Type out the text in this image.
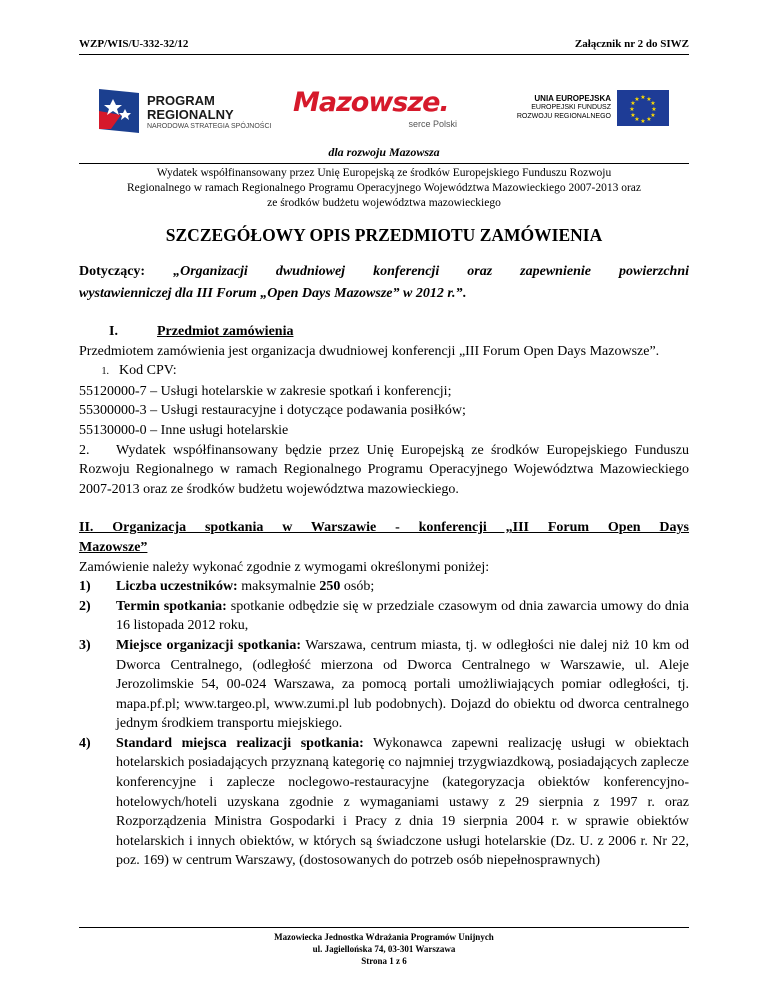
WZP/WIS/U-332-32/12	Załącznik nr 2 do SIWZ
PROGRAM
REGIONALNY
NARODOWA STRATEGIA SPÓJNOŚCI
Mazowsze.
serce Polski
UNIA EUROPEJSKA
EUROPEJSKI FUNDUSZ
ROZWOJU REGIONALNEGO
★ ★
★
★
★
★
★
★
★
★
★
★
dla rozwoju Mazowsza
Wydatek współfinansowany przez Unię Europejską ze środków Europejskiego Funduszu Rozwoju
Regionalnego w ramach Regionalnego Programu Operacyjnego Województwa Mazowieckiego 2007-2013 oraz
ze środków budżetu województwa mazowieckiego
SZCZEGÓŁOWY OPIS PRZEDMIOTU ZAMÓWIENIA
Dotyczący: „Organizacji dwudniowej konferencji oraz zapewnienie powierzchni
wystawienniczej dla III Forum „Open Days Mazowsze” w 2012 r.”.

I.	Przedmiot zamówienia

Przedmiotem zamówienia jest organizacja dwudniowej konferencji „III Forum Open Days Mazowsze”.

1. Kod CPV:

55120000-7 – Usługi hotelarskie w zakresie spotkań i konferencji;

55300000-3 – Usługi restauracyjne i dotyczące podawania posiłków;

55130000-0 – Inne usługi hotelarskie

2. Wydatek współfinansowany będzie przez Unię Europejską ze środków Europejskiego Funduszu Rozwoju Regionalnego w ramach Regionalnego Programu Operacyjnego Województwa Mazowieckiego 2007-2013 oraz ze środków budżetu województwa mazowieckiego.

II. Organizacja spotkania w Warszawie - konferencji „III Forum Open Days
Mazowsze”

Zamówienie należy wykonać zgodnie z wymogami określonymi poniżej:

1) Liczba uczestników: maksymalnie 250 osób;

2) Termin spotkania: spotkanie odbędzie się w przedziale czasowym od dnia zawarcia umowy do dnia 16 listopada 2012 roku,

3) Miejsce organizacji spotkania: Warszawa, centrum miasta, tj. w odległości nie dalej niż 10 km od Dworca Centralnego, (odległość mierzona od Dworca Centralnego w Warszawie, ul. Aleje Jerozolimskie 54, 00-024 Warszawa, za pomocą portali umożliwiających pomiar odległości, tj. mapa.pf.pl; www.targeo.pl, www.zumi.pl lub podobnych). Dojazd do obiektu od dworca centralnego jednym środkiem transportu miejskiego.

4) Standard miejsca realizacji spotkania: Wykonawca zapewni realizację usługi w obiektach hotelarskich posiadających przyznaną kategorię co najmniej trzygwiazdkową, posiadających zaplecze konferencyjne i zaplecze noclegowo-restauracyjne (kategoryzacja obiektów konferencyjno-hotelowych/hoteli uzyskana zgodnie z wymaganiami ustawy z 29 sierpnia z 1997 r. oraz Rozporządzenia Ministra Gospodarki i Pracy z dnia 19 sierpnia 2004 r. w sprawie obiektów hotelarskich i innych obiektów, w których są świadczone usługi hotelarskie (Dz. U. z 2006 r. Nr 22, poz. 169) w centrum Warszawy, (dostosowanych do potrzeb osób niepełnosprawnych)

Mazowiecka Jednostka Wdrażania Programów Unijnych
ul. Jagiellońska 74, 03-301 Warszawa
Strona 1 z 6
